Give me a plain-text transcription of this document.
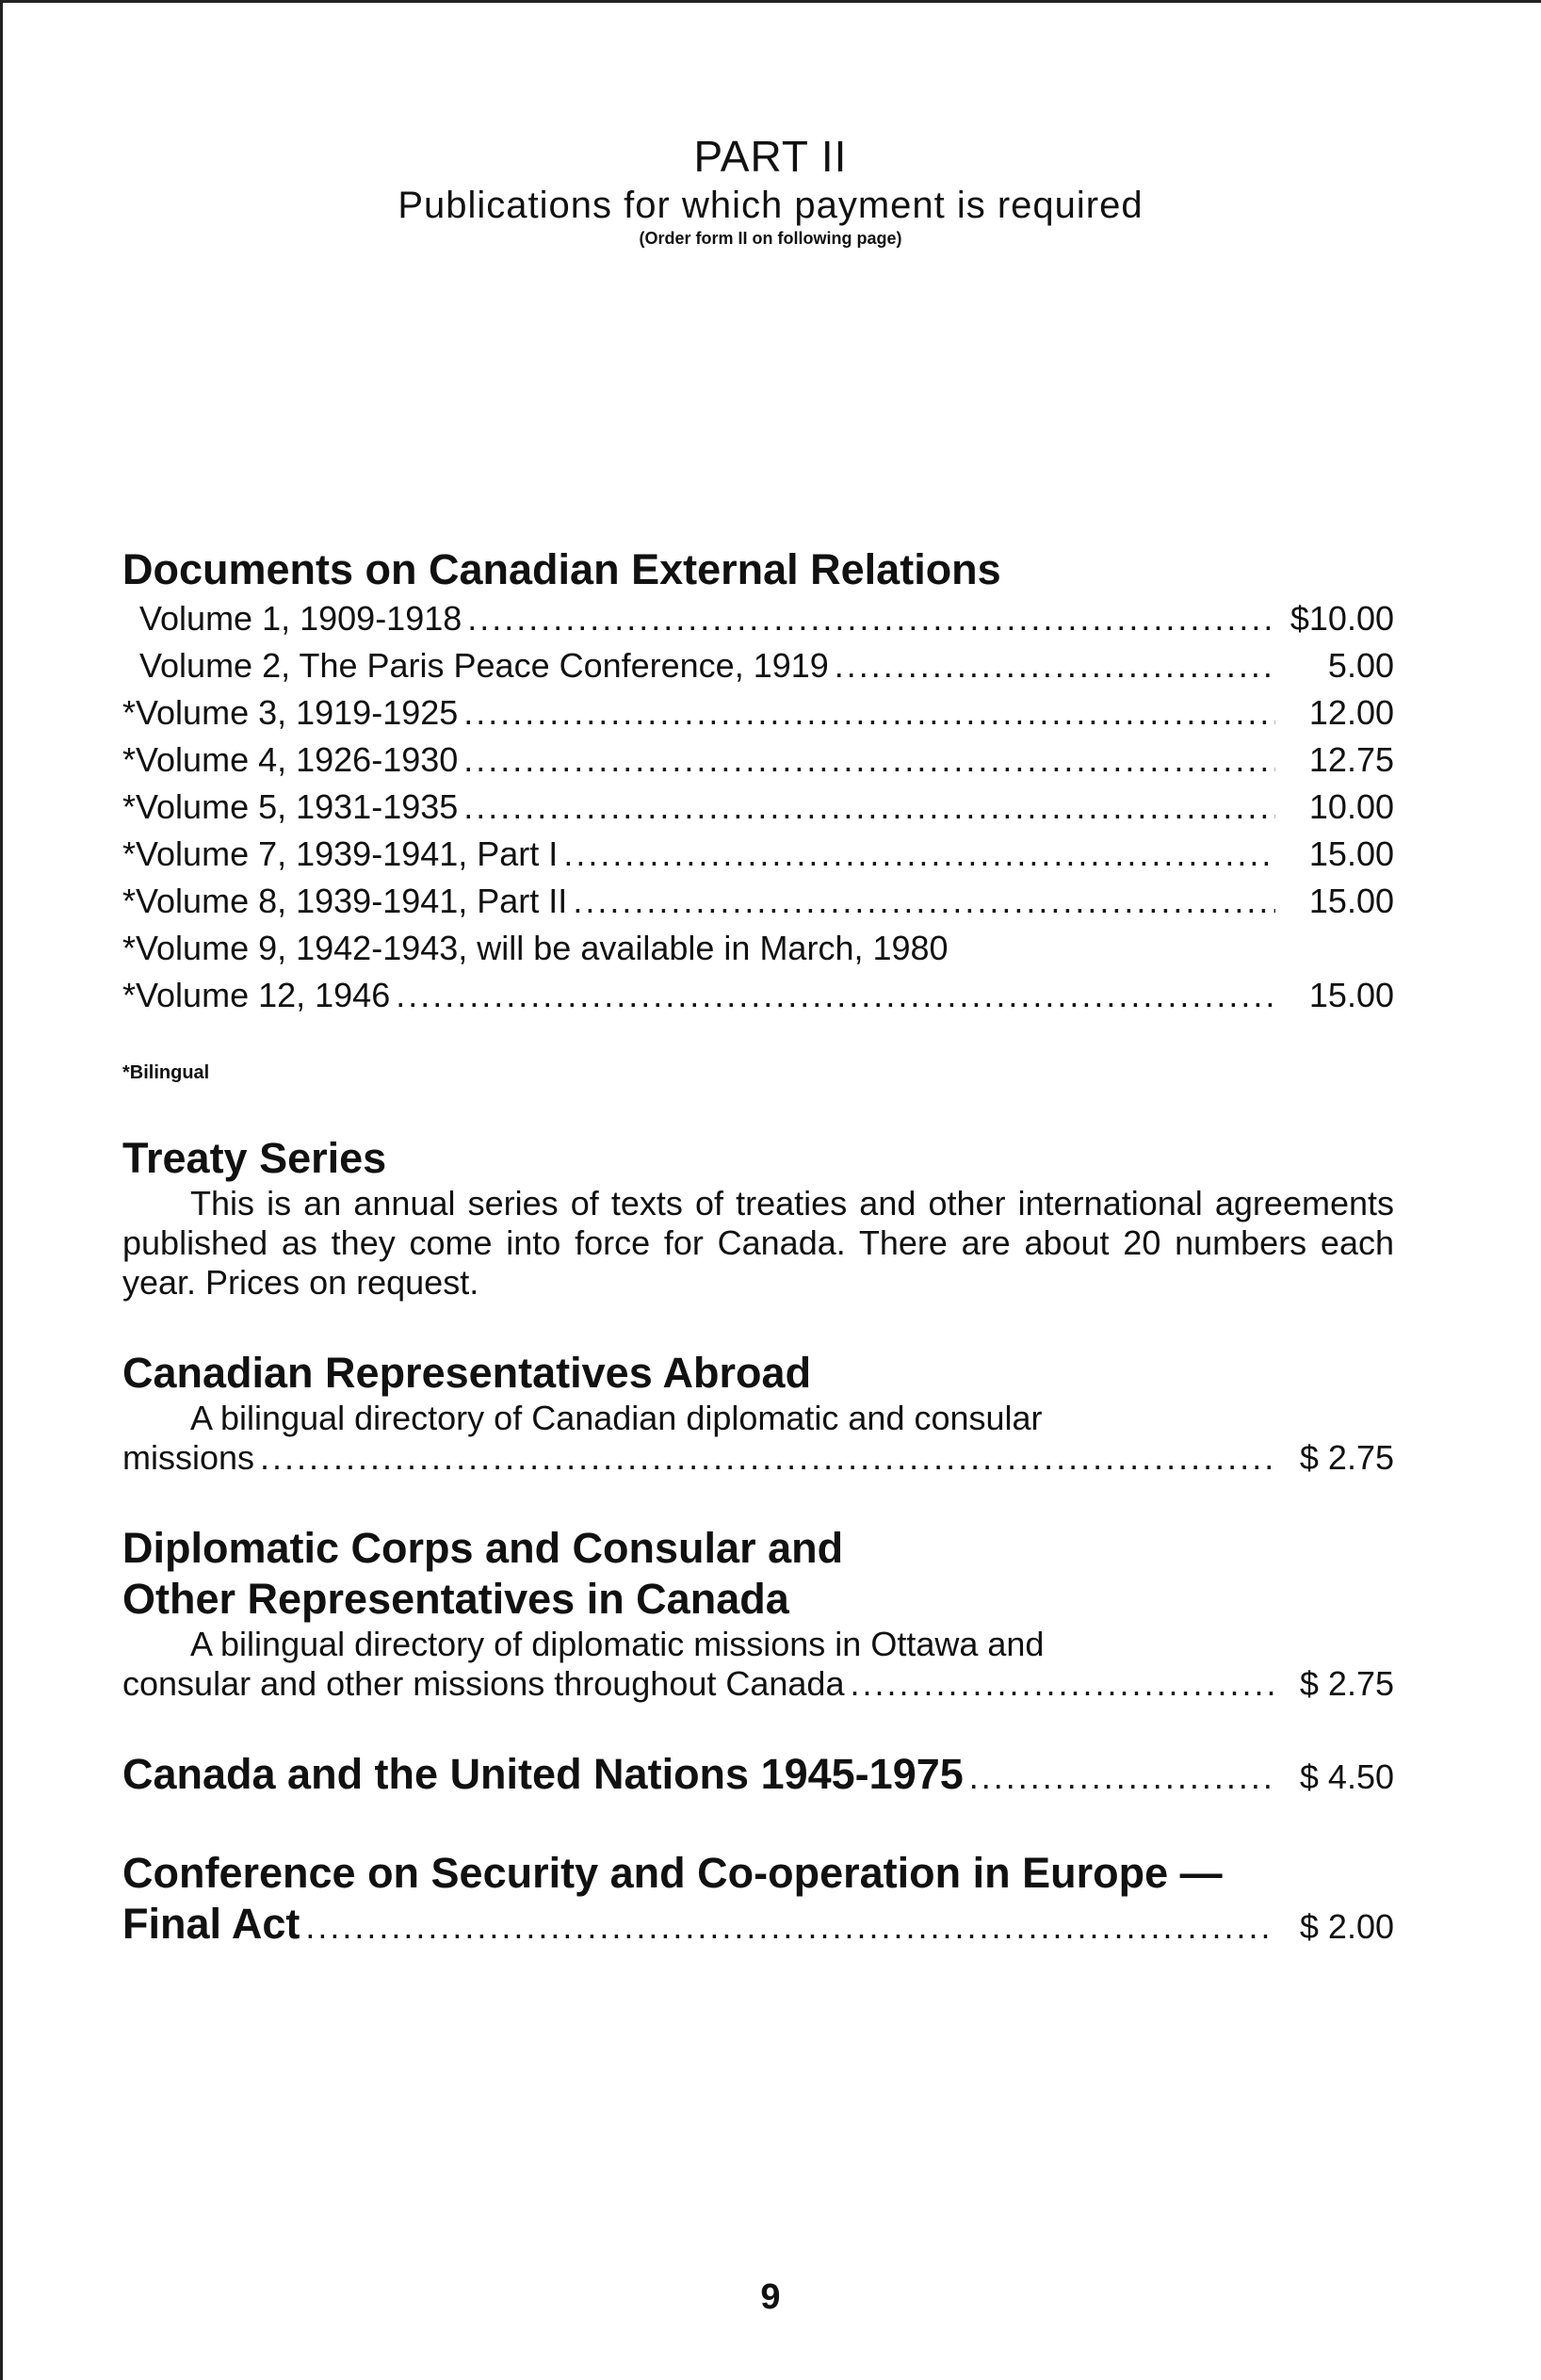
PART II
Publications for which payment is required
(Order form II on following page)
Documents on Canadian External Relations
Volume 1, 1909-1918 .....	$10.00
Volume 2, The Paris Peace Conference, 1919 .....	5.00
*Volume 3, 1919-1925 .....	12.00
*Volume 4, 1926-1930 .....	12.75
*Volume 5, 1931-1935 .....	10.00
*Volume 7, 1939-1941, Part I .....	15.00
*Volume 8, 1939-1941, Part II .....	15.00
*Volume 9, 1942-1943, will be available in March, 1980
*Volume 12, 1946 .....	15.00
*Bilingual
Treaty Series

This is an annual series of texts of treaties and other international agreements published as they come into force for Canada. There are about 20 numbers each year. Prices on request.

Canadian Representatives Abroad
A bilingual directory of Canadian diplomatic and consular
missions .....	$ 2.75
Diplomatic Corps and Consular and
Other Representatives in Canada
A bilingual directory of diplomatic missions in Ottawa and
consular and other missions throughout Canada .....	$ 2.75
Canada and the United Nations 1945-1975 .....	$ 4.50
Conference on Security and Co-operation in Europe —
Final Act .....	$ 2.00
9
